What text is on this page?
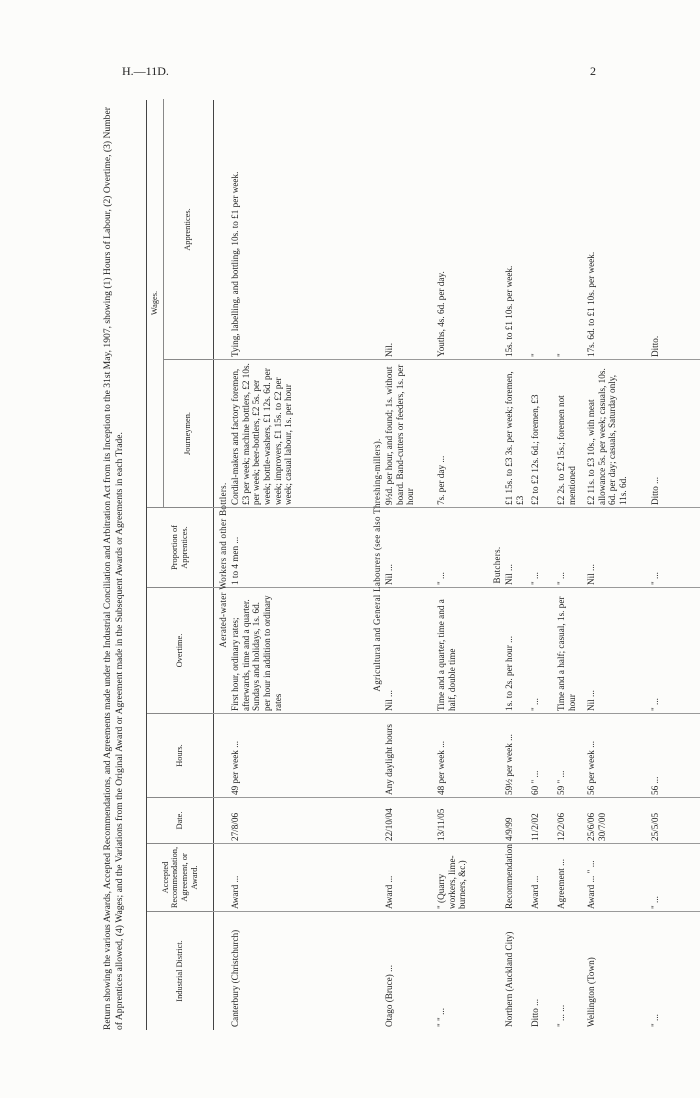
H.—11D.	2
Return showing the various Awards, Accepted Recommendations, and Agreements made under the Industrial Conciliation and Arbitration Act from its Inception to the 31st May, 1907, showing (1) Hours of Labour, (2) Overtime, (3) Number of Apprentices allowed, (4) Wages; and the Variations from the Original Award or Agreement made in the Subsequent Awards or Agreements in each Trade.	Industrial District.
Accepted Recommendation, Agreement, or Award.
Date.
Hours.
Overtime.
Proportion of Apprentices.
Wages.
Journeymen.
Apprentices.
Aerated-water Workers and other Bottlers.
Canterbury (Christchurch)
Award ...
27/8/06
49 per week ...
First hour, ordinary rates; afterwards, time and a quarter. Sundays and holidays, 1s. 6d. per hour in addition to ordinary rates
1 to 4 men ...
Cordial-makers and factory foremen, £3 per week; machine bottlers, £2 10s. per week; beer-bottlers, £2 5s. per week; bottle-washers, £1 12s. 6d. per week; improvers, £1 15s. to £2 per week; casual labour, 1s. per hour
Tying, labelling, and bottling, 10s. to £1 per week.
Agricultural and General Labourers (see also Threshing-millers).
Otago (Bruce) ...
Award ...
22/10/04
Any daylight hours
Nil ...
Nil ...
9½d. per hour, and found; 1s. without board. Band-cutters or feeders, 1s. per hour
Nil.
" " ...
" (Quarry workers, lime-burners, &c.)
13/11/05
48 per week ...
Time and a quarter, time and a half, double time
" ...
7s. per day ...
Youths, 4s. 6d. per day.
Butchers.
Northern (Auckland City)
Recommendation
4/9/99
59½ per week ...
1s. to 2s. per hour ...
Nil ...
£1 15s. to £3 3s. per week; foremen, £3
15s. to £1 10s. per week.
Ditto ...
Award ...
11/2/02
60 " ...
" ...
" ...
£2 to £2 12s. 6d.; foremen, £3
"
" ... ...
Agreement ...
12/2/06
59 " ...
Time and a half; casual, 1s. per hour
" ...
£2 2s. to £2 15s.; foremen not mentioned
"
Wellington (Town)
Award ... " ...
25/6/06 30/7/00
56 per week ...
Nil ...
Nil ...
£2 11s. to £3 10s., with meat allowance 5s. per week; casuals, 10s. 6d. per day; casuals, Saturday only, 11s. 6d.
17s. 6d. to £1 10s. per week.
" ...
" ...
25/5/05
56 ...
" ...
" ...
Ditto ...
Ditto.
